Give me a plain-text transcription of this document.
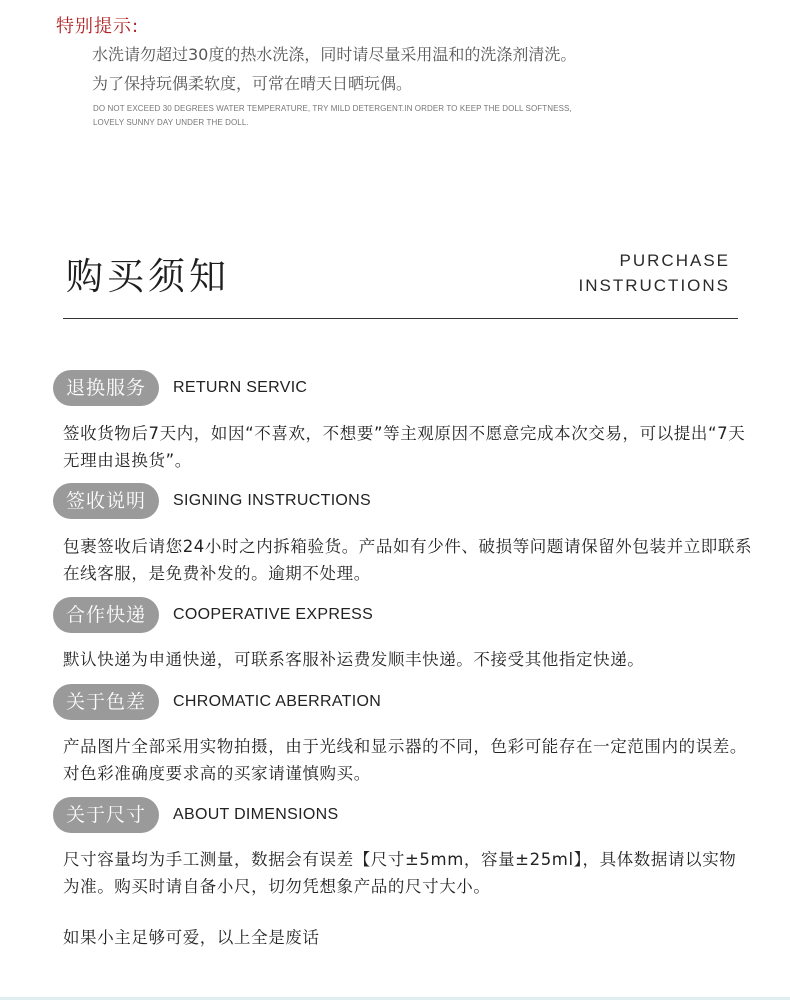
特别提示:
水洗请勿超过30度的热水洗涤，同时请尽量采用温和的洗涤剂清洗。
为了保持玩偶柔软度，可常在晴天日晒玩偶。
DO NOT EXCEED 30 DEGREES WATER TEMPERATURE, TRY MILD DETERGENT.IN ORDER TO KEEP THE DOLL SOFTNESS, LOVELY SUNNY DAY UNDER THE DOLL.
购买须知	PURCHASE
INSTRUCTIONS
退换服务	RETURN SERVIC
签收货物后7天内，如因“不喜欢，不想要”等主观原因不愿意完成本次交易，可以提出“7天无理由退换货”。
签收说明	SIGNING INSTRUCTIONS
包裹签收后请您24小时之内拆箱验货。产品如有少件、破损等问题请保留外包装并立即联系在线客服，是免费补发的。逾期不处理。
合作快递	COOPERATIVE EXPRESS
默认快递为申通快递，可联系客服补运费发顺丰快递。不接受其他指定快递。
关于色差	CHROMATIC ABERRATION
产品图片全部采用实物拍摄，由于光线和显示器的不同，色彩可能存在一定范围内的误差。对色彩准确度要求高的买家请谨慎购买。
关于尺寸	ABOUT DIMENSIONS
尺寸容量均为手工测量，数据会有误差【尺寸±5mm，容量±25ml】，具体数据请以实物为准。购买时请自备小尺，切勿凭想象产品的尺寸大小。
如果小主足够可爱，以上全是废话
